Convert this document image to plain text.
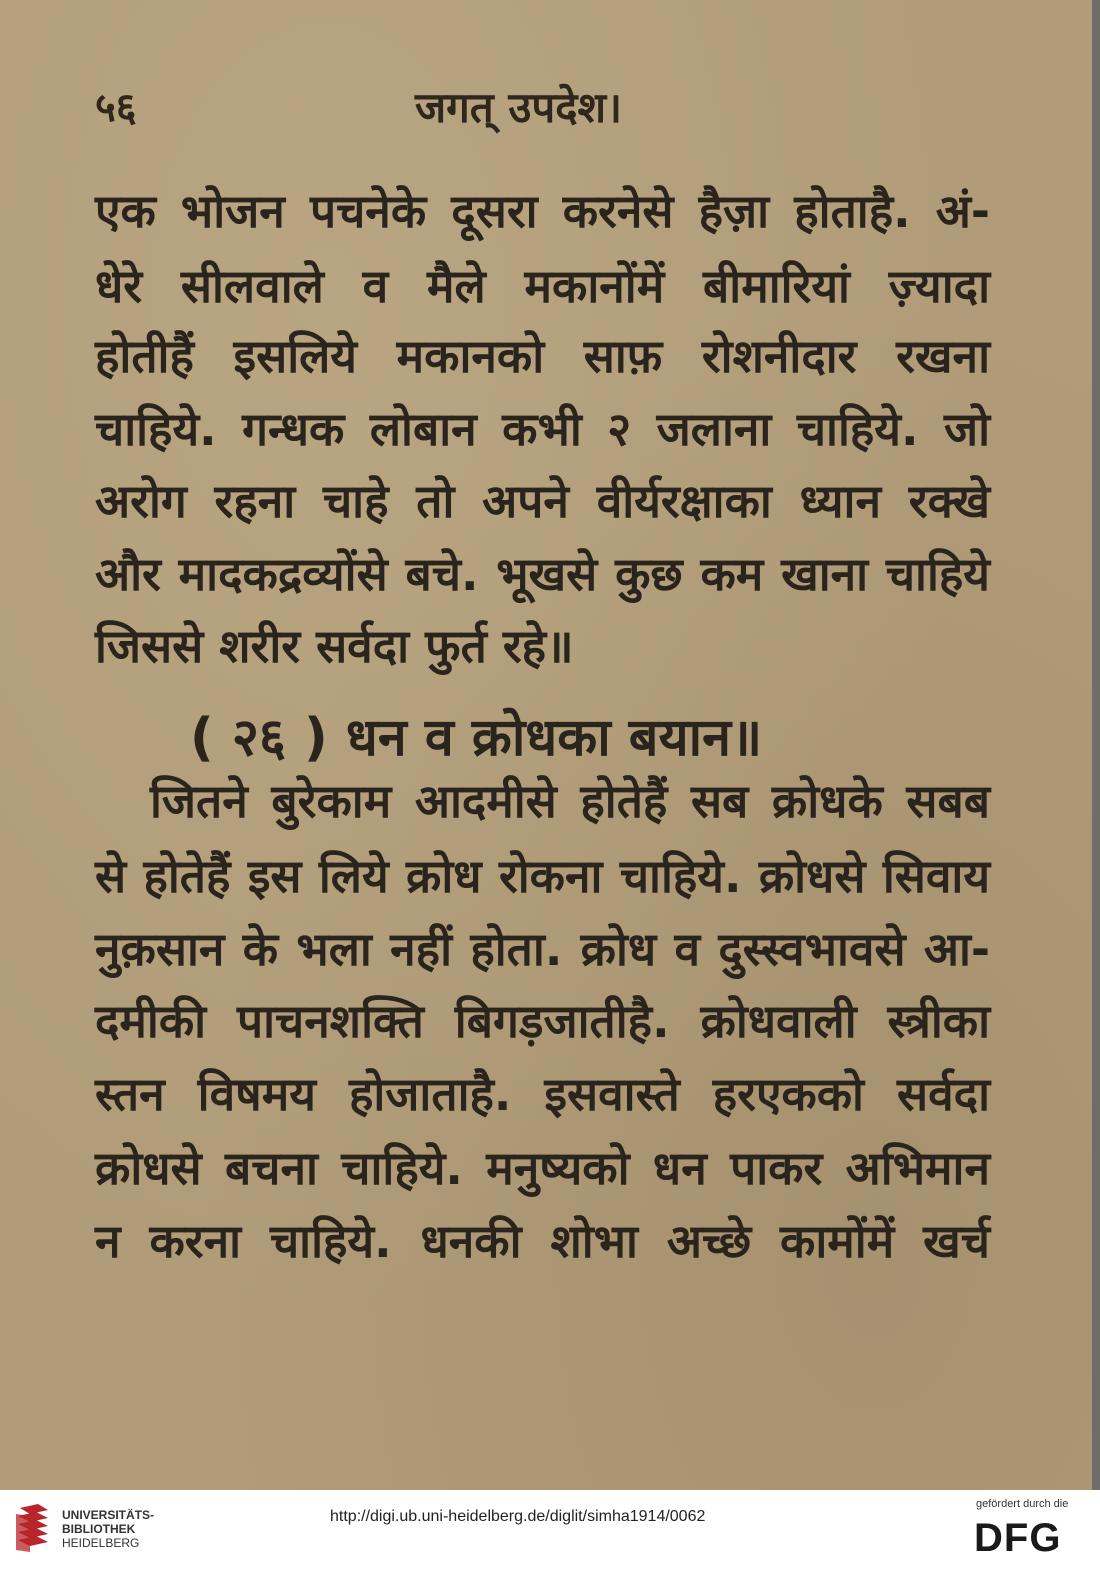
५६	जगत् उपदेश।
एक भोजन पचनेके दूसरा करनेसे हैज़ा होताहै. अं-
धेरे सीलवाले व मैले मकानोंमें बीमारियां ज़्यादा
होतीहैं इसलिये मकानको साफ़ रोशनीदार रखना
चाहिये. गन्धक लोबान कभी २ जलाना चाहिये. जो
अरोग रहना चाहे तो अपने वीर्यरक्षाका ध्यान रक्खे
और मादकद्रव्योंसे बचे. भूखसे कुछ कम खाना चाहिये
जिससे शरीर सर्वदा फुर्त रहे॥
( २६ ) धन व क्रोधका बयान॥
जितने बुरेकाम आदमीसे होतेहैं सब क्रोधके सबब
से होतेहैं इस लिये क्रोध रोकना चाहिये. क्रोधसे सिवाय
नुक़सान के भला नहीं होता. क्रोध व दुस्स्वभावसे आ-
दमीकी पाचनशक्ति बिगड़जातीहै. क्रोधवाली स्त्रीका
स्तन विषमय होजाताहै. इसवास्ते हरएकको सर्वदा
क्रोधसे बचना चाहिये. मनुष्यको धन पाकर अभिमान
न करना चाहिये. धनकी शोभा अच्छे कामोंमें खर्च
UNIVERSITÄTS-
BIBLIOTHEK
HEIDELBERG
http://digi.ub.uni-heidelberg.de/diglit/simha1914/0062
gefördert durch die
DFG
